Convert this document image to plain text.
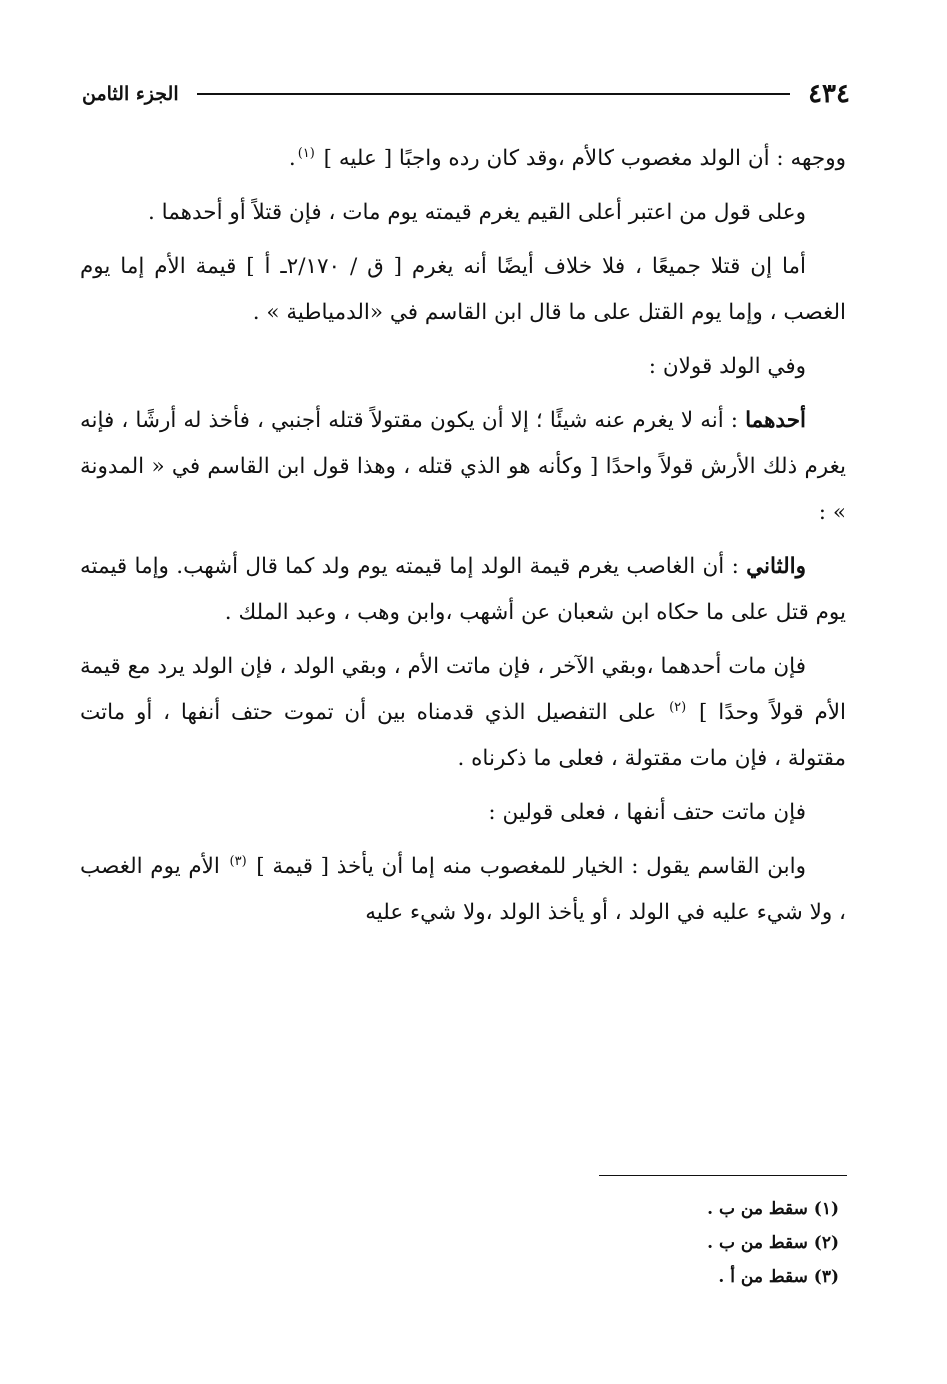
٤٣٤
الجزء الثامن

ووجهه : أن الولد مغصوب كالأم ،وقد كان رده واجبًا [ عليه ] $^{(١)}$.

وعلى قول من اعتبر أعلى القيم يغرم قيمته يوم مات ، فإن قتلاً أو أحدهما .

أما إن قتلا جميعًا ، فلا خلاف أيضًا أنه يغرم [ ق / ٢/١٧٠ـ أ ] قيمة الأم إما يوم الغصب ، وإما يوم القتل على ما قال ابن القاسم في «الدمياطية » .

وفي الولد قولان :

أحدهما : أنه لا يغرم عنه شيئًا ؛ إلا أن يكون مقتولاً قتله أجنبي ، فأخذ له أرشًا ، فإنه يغرم ذلك الأرش قولاً واحدًا [ وكأنه هو الذي قتله ، وهذا قول ابن القاسم في « المدونة » :

والثاني : أن الغاصب يغرم قيمة الولد إما قيمته يوم ولد كما قال أشهب. وإما قيمته يوم قتل على ما حكاه ابن شعبان عن أشهب ،وابن وهب ، وعبد الملك .

فإن مات أحدهما ،وبقي الآخر ، فإن ماتت الأم ، وبقي الولد ، فإن الولد يرد مع قيمة الأم قولاً وحدًا ] $^{(٢)}$ على التفصيل الذي قدمناه بين أن تموت حتف أنفها ، أو ماتت مقتولة ، فإن مات مقتولة ، فعلى ما ذكرناه .

فإن ماتت حتف أنفها ، فعلى قولين :

وابن القاسم يقول : الخيار للمغصوب منه إما أن يأخذ [ قيمة ] $^{(٣)}$ الأم يوم الغصب ، ولا شيء عليه في الولد ، أو يأخذ الولد ،ولا شيء عليه

(١) سقط من ب .
(٢) سقط من ب .
(٣) سقط من أ .
